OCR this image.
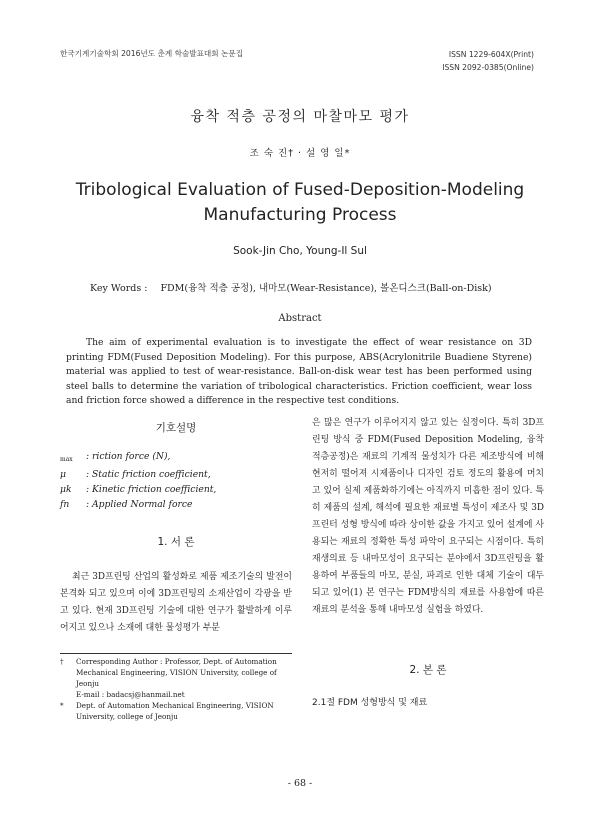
한국기계기술학회 2016년도 춘계 학술발표대회 논문집	ISSN 1229-604X(Print)
ISSN 2092-0385(Online)
융착 적층 공정의 마찰마모 평가
조 숙 진† · 설 영 일*
Tribological Evaluation of Fused-Deposition-Modeling
Manufacturing Process
Sook-Jin Cho, Young-Il Sul
Key Words : FDM(융착 적층 공정), 내마모(Wear-Resistance), 볼온디스크(Ball-on-Disk)
Abstract

The aim of experimental evaluation is to investigate the effect of wear resistance on 3D printing FDM(Fused Deposition Modeling). For this purpose, ABS(Acrylonitrile Buadiene Styrene) material was applied to test of wear-resistance. Ball-on-disk wear test has been performed using steel balls to determine the variation of tribological characteristics. Friction coefficient, wear loss and friction force showed a difference in the respective test conditions.

기호설명
max	: riction force (N),
μ	: Static friction coefficient,
μk	: Kinetic friction coefficient,
fn	: Applied Normal force
1. 서 론

최근 3D프린팅 산업의 활성화로 제품 제조기술의 발전이 본격화 되고 있으며 이에 3D프린팅의 소재산업이 각광을 받고 있다. 현재 3D프린팅 기술에 대한 연구가 활발하게 이루어지고 있으나 소재에 대한 물성평가 부분

†	Corresponding Author : Professor, Dept. of Automation Mechanical Engineering, VISION University, college of Jeonju
E-mail : badacsj@hanmail.net
*	Dept. of Automation Mechanical Engineering, VISION University, college of Jeonju

은 많은 연구가 이루어지지 않고 있는 실정이다. 특히 3D프린팅 방식 중 FDM(Fused Deposition Modeling, 융착 적층공정)은 재료의 기계적 물성치가 다른 제조방식에 비해 현저히 떨어져 시제품이나 디자인 검토 정도의 활용에 머치고 있어 실제 제품화하기에는 아직까지 미흡한 점이 있다. 특히 제품의 설계, 해석에 필요한 재료별 특성이 제조사 및 3D프린터 성형 방식에 따라 상이한 값을 가지고 있어 설계에 사용되는 재료의 정확한 특성 파악이 요구되는 시점이다. 특히 재생의료 등 내마모성이 요구되는 분야에서 3D프린팅을 활용하여 부품들의 마모, 분실, 파괴로 인한 대체 기술이 대두되고 있어(1) 본 연구는 FDM방식의 재료를 사용함에 따른 재료의 분석을 통해 내마모성 실험을 하였다.

2. 본 론
2.1절 FDM 성형방식 및 재료
- 68 -
